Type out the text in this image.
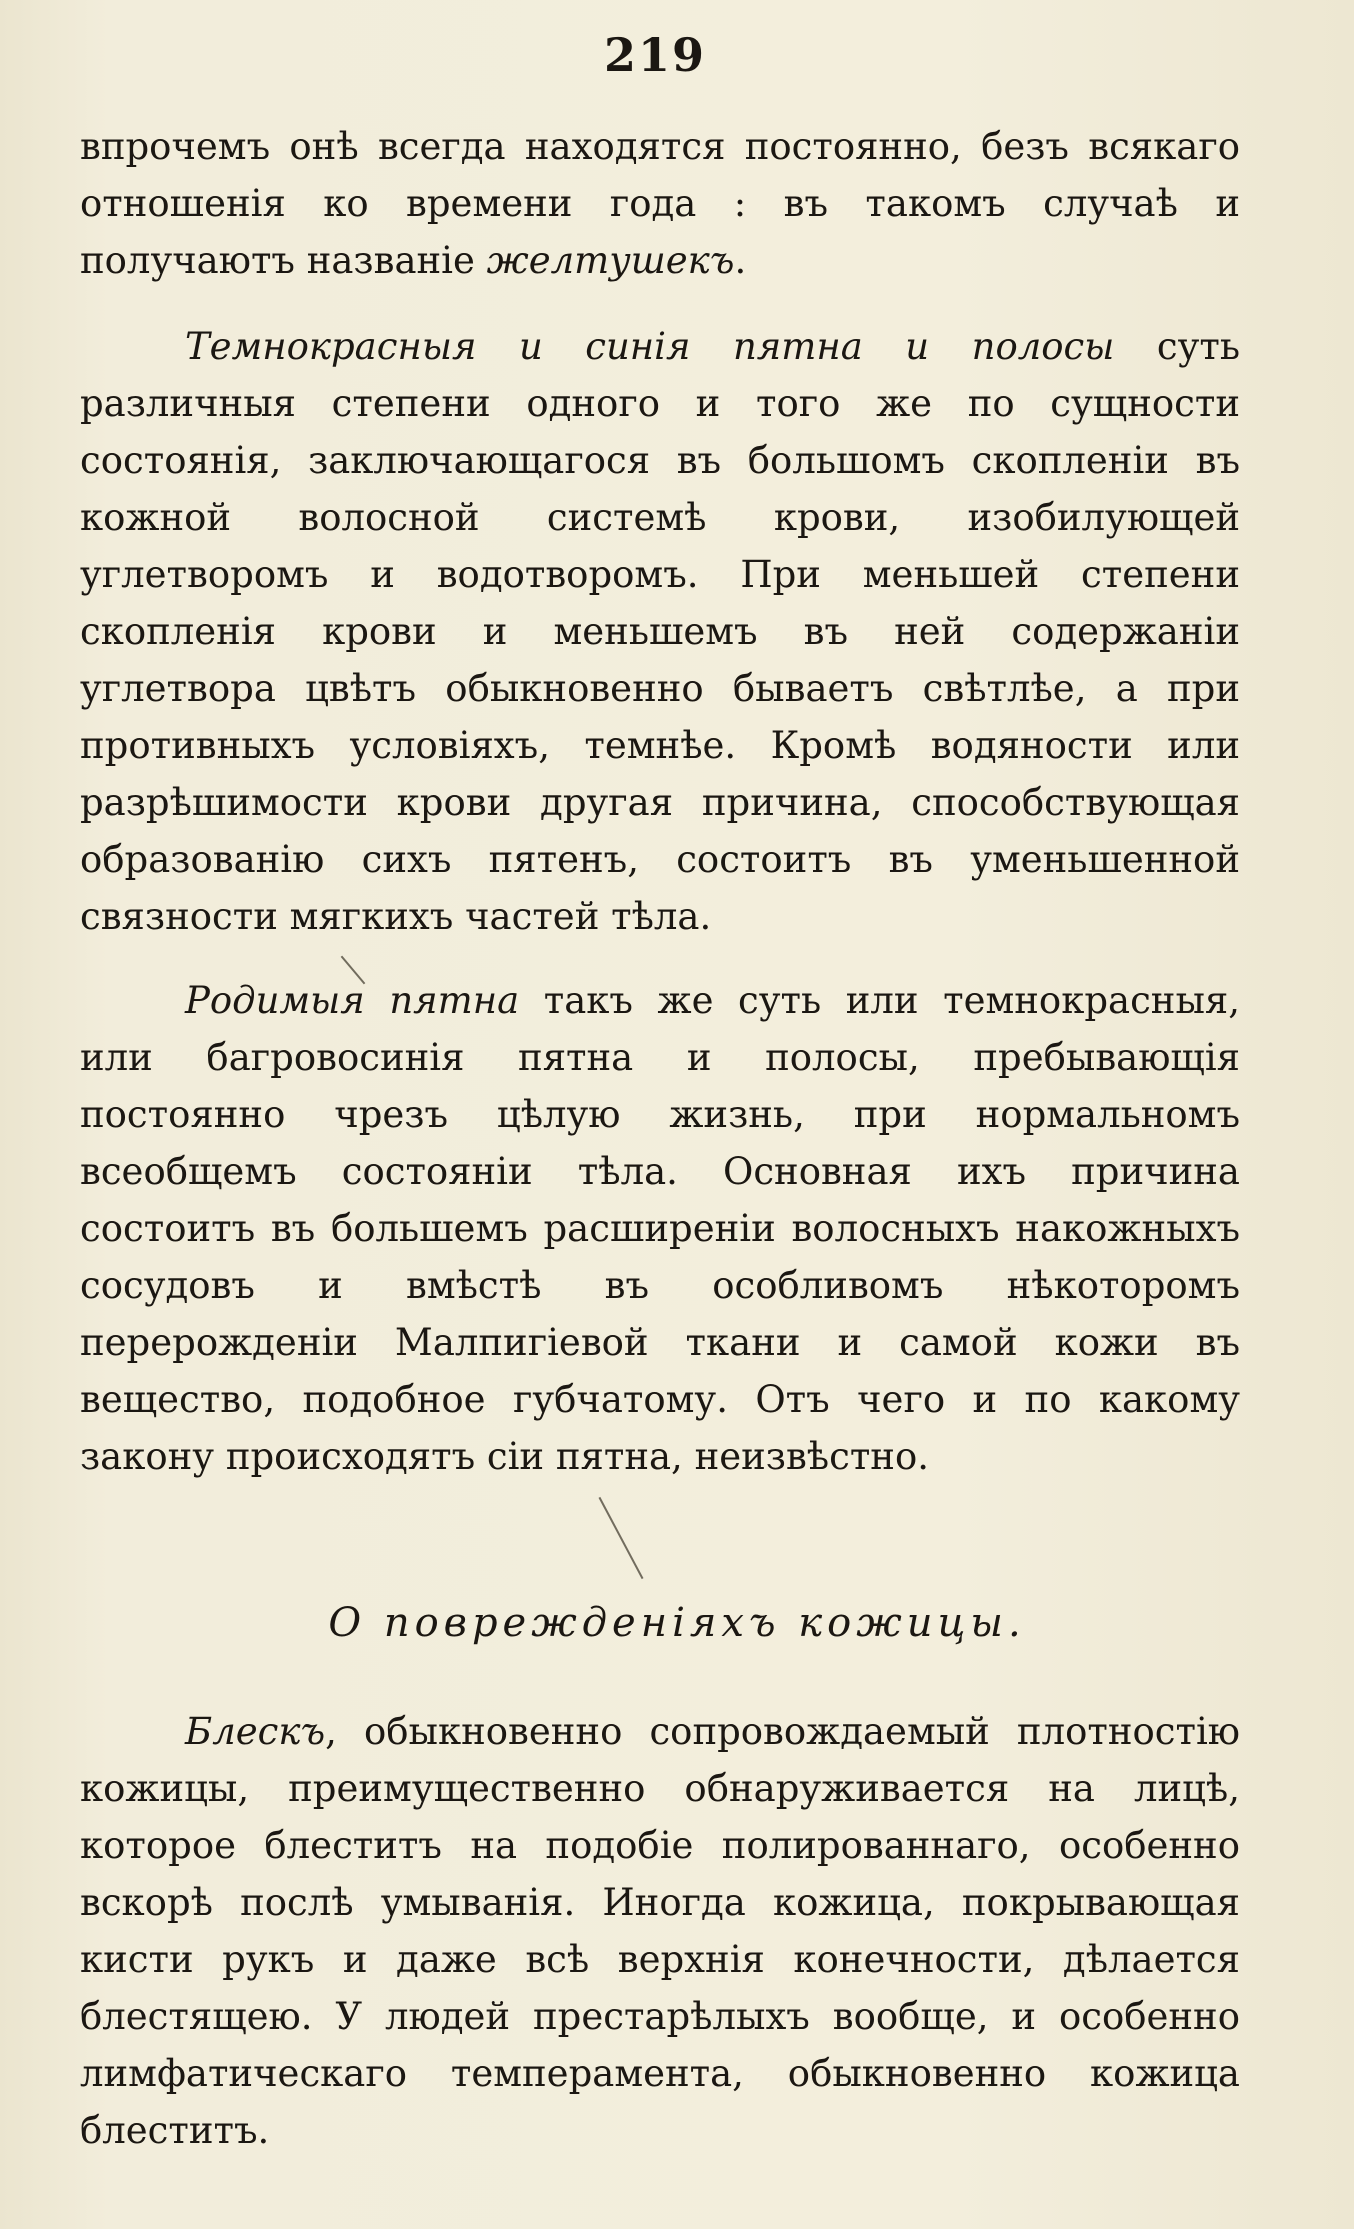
219

впрочемъ онѣ всегда находятся постоянно, безъ всякаго отношенія ко времени года : въ такомъ случаѣ и получаютъ названіе желтушекъ.

Темнокрасныя и синія пятна и полосы суть различныя степени одного и того же по сущности состоянія, заключающагося въ большомъ скопленіи въ кожной волосной системѣ крови, изобилующей углетворомъ и водотворомъ. При меньшей степени скопленія крови и меньшемъ въ ней содержаніи углетвора цвѣтъ обыкновенно бываетъ свѣтлѣе, а при противныхъ условіяхъ, темнѣе. Кромѣ водяности или разрѣшимости крови другая причина, способствующая образованію сихъ пятенъ, состоитъ въ уменьшенной связности мягкихъ частей тѣла.

Родимыя пятна такъ же суть или темнокрасныя, или багровосинія пятна и полосы, пребывающія постоянно чрезъ цѣлую жизнь, при нормальномъ всеобщемъ состояніи тѣла. Основная ихъ причина состоитъ въ большемъ расширеніи волосныхъ накожныхъ сосудовъ и вмѣстѣ въ особливомъ нѣкоторомъ перерожденіи Малпигіевой ткани и самой кожи въ вещество, подобное губчатому. Отъ чего и по какому закону происходятъ сіи пятна, неизвѣстно.

О поврежденіяхъ кожицы.

Блескъ, обыкновенно сопровождаемый плотностію кожицы, преимущественно обнаруживается на лицѣ, которое блеститъ на подобіе полированнаго, особенно вскорѣ послѣ умыванія. Иногда кожица, покрывающая кисти рукъ и даже всѣ верхнія конечности, дѣлается блестящею. У людей престарѣлыхъ вообще, и особенно лимфатическаго темперамента, обыкновенно кожица блеститъ.
